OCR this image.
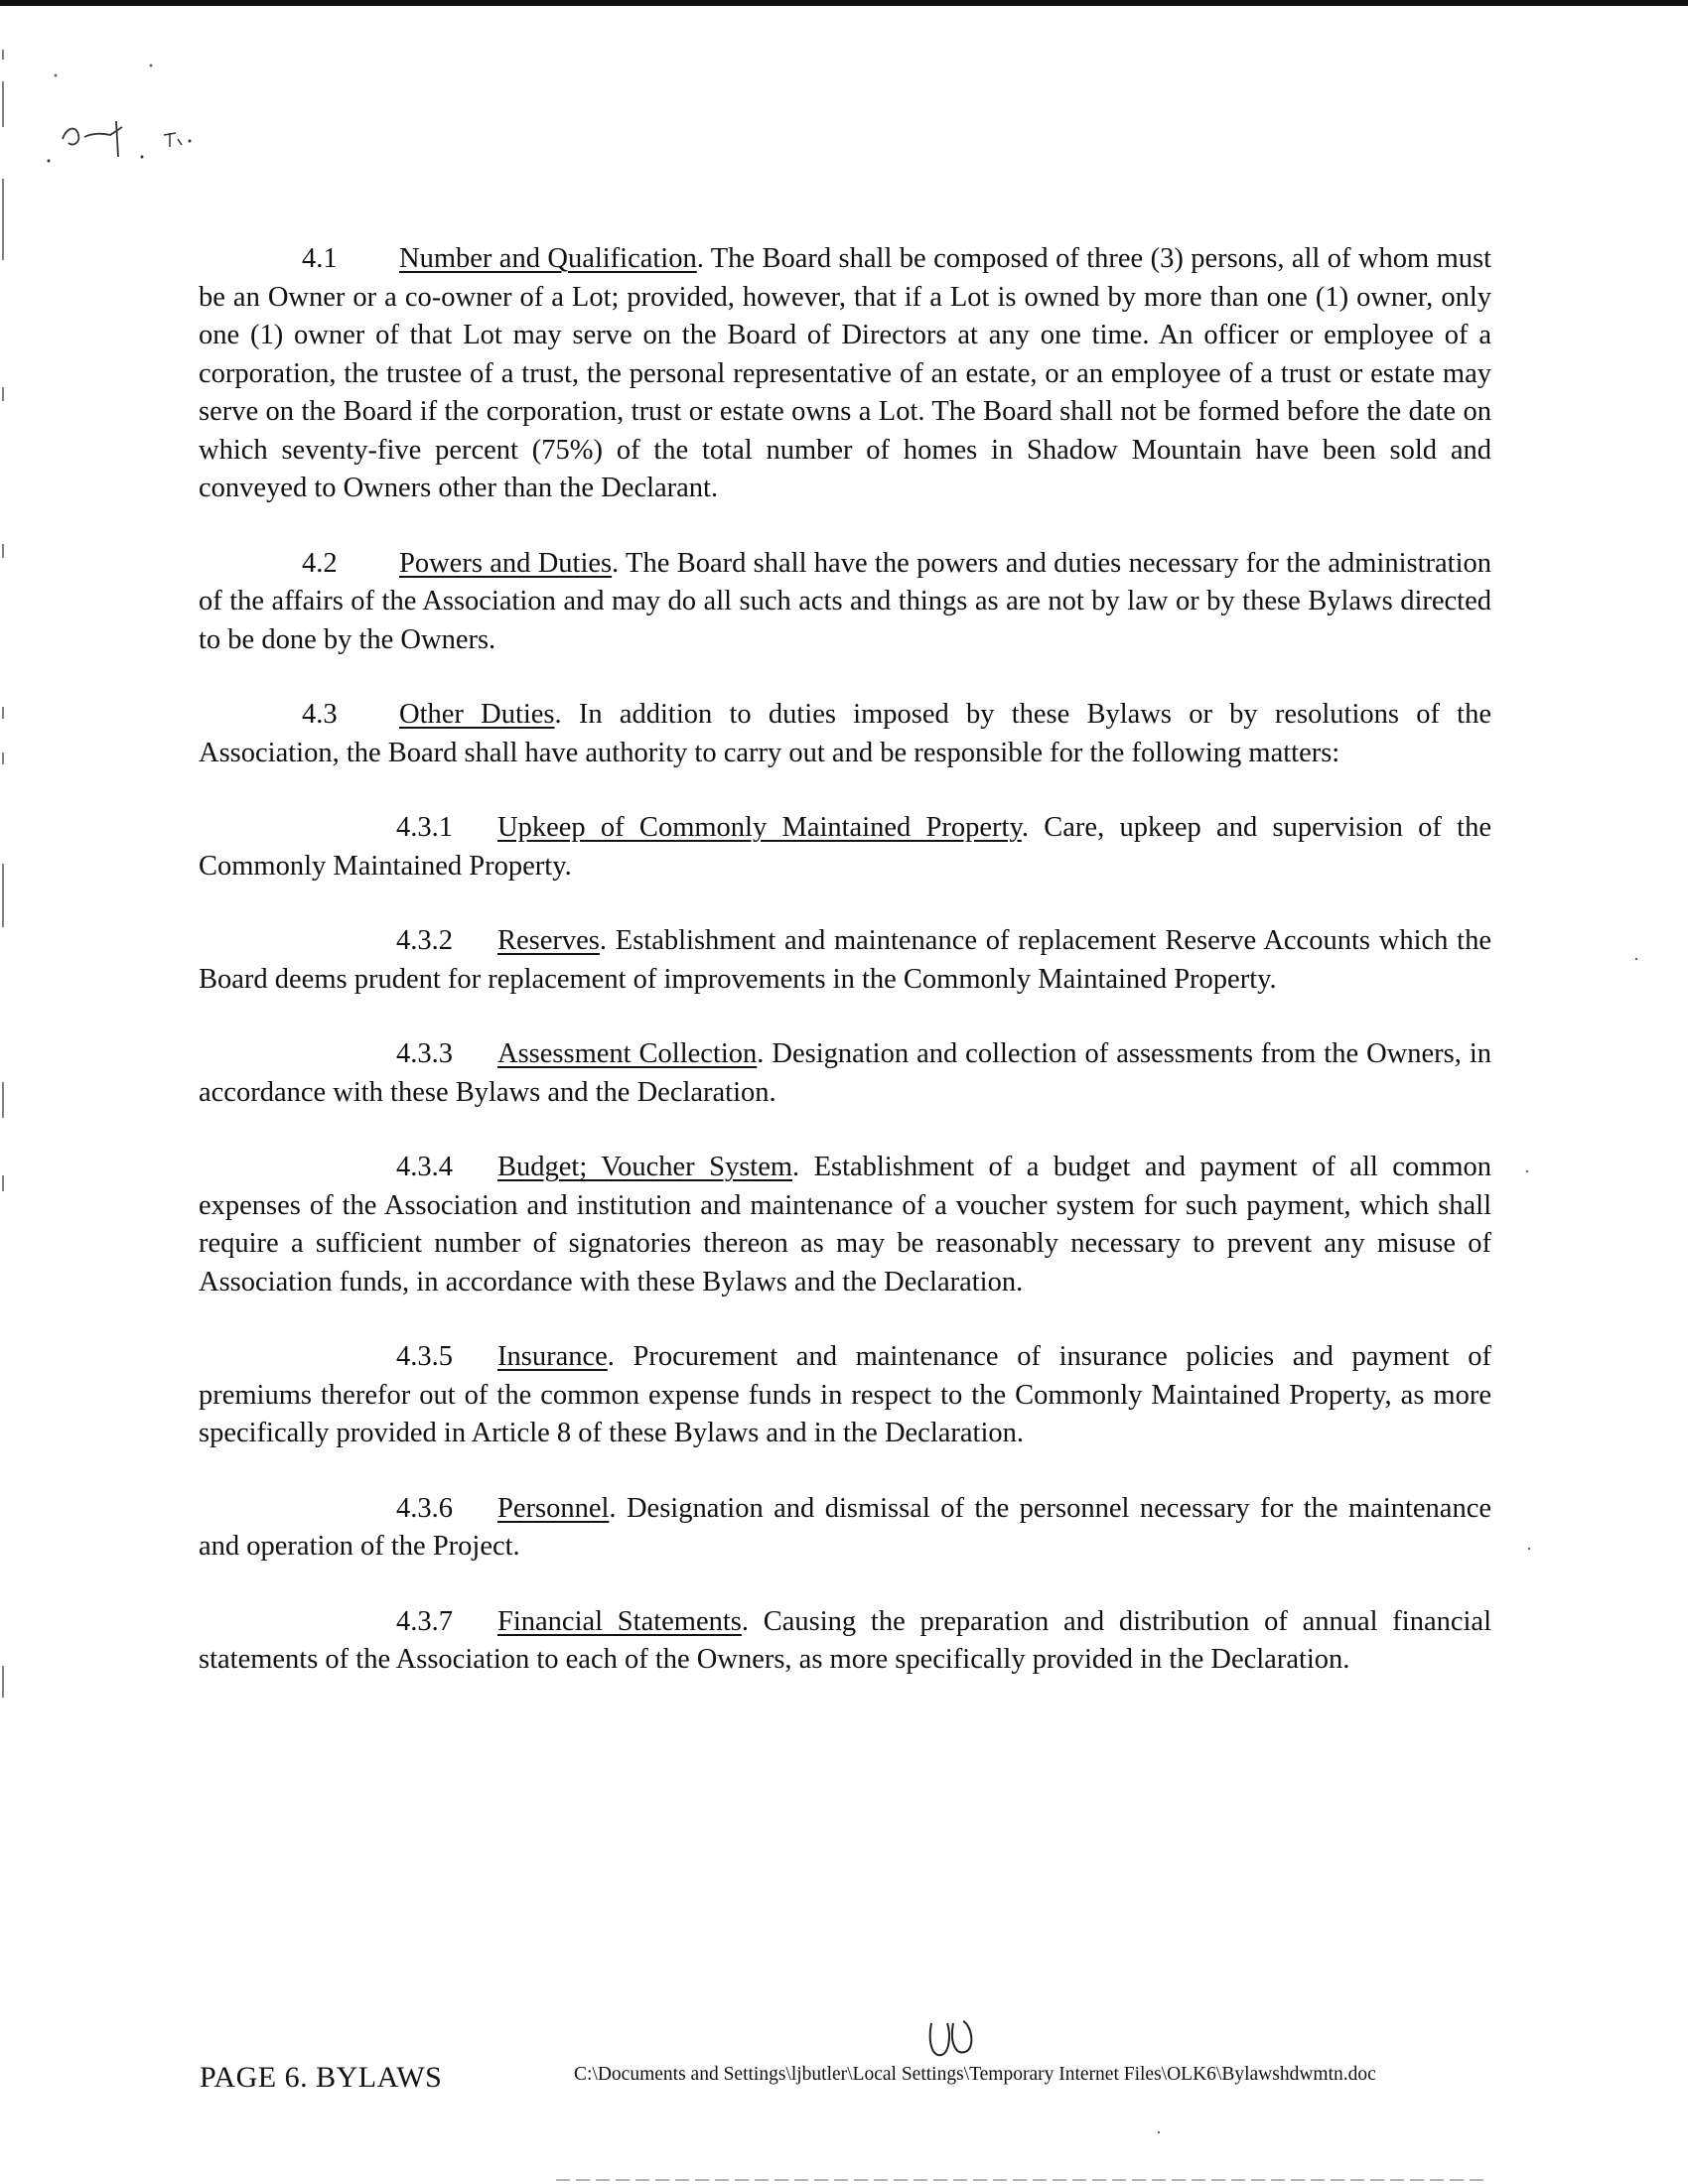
4.1 Number and Qualification. The Board shall be composed of three (3) persons, all of whom must be an Owner or a co-owner of a Lot; provided, however, that if a Lot is owned by more than one (1) owner, only one (1) owner of that Lot may serve on the Board of Directors at any one time. An officer or employee of a corporation, the trustee of a trust, the personal representative of an estate, or an employee of a trust or estate may serve on the Board if the corporation, trust or estate owns a Lot. The Board shall not be formed before the date on which seventy-five percent (75%) of the total number of homes in Shadow Mountain have been sold and conveyed to Owners other than the Declarant.

4.2 Powers and Duties. The Board shall have the powers and duties necessary for the administration of the affairs of the Association and may do all such acts and things as are not by law or by these Bylaws directed to be done by the Owners.

4.3 Other Duties. In addition to duties imposed by these Bylaws or by resolutions of the Association, the Board shall have authority to carry out and be responsible for the following matters:

4.3.1 Upkeep of Commonly Maintained Property. Care, upkeep and supervision of the Commonly Maintained Property.

4.3.2 Reserves. Establishment and maintenance of replacement Reserve Accounts which the Board deems prudent for replacement of improvements in the Commonly Maintained Property.

4.3.3 Assessment Collection. Designation and collection of assessments from the Owners, in accordance with these Bylaws and the Declaration.

4.3.4 Budget; Voucher System. Establishment of a budget and payment of all common expenses of the Association and institution and maintenance of a voucher system for such payment, which shall require a sufficient number of signatories thereon as may be reasonably necessary to prevent any misuse of Association funds, in accordance with these Bylaws and the Declaration.

4.3.5 Insurance. Procurement and maintenance of insurance policies and payment of premiums therefor out of the common expense funds in respect to the Commonly Maintained Property, as more specifically provided in Article 8 of these Bylaws and in the Declaration.

4.3.6 Personnel. Designation and dismissal of the personnel necessary for the maintenance and operation of the Project.

4.3.7 Financial Statements. Causing the preparation and distribution of annual financial statements of the Association to each of the Owners, as more specifically provided in the Declaration.

PAGE 6. BYLAWS	C:\Documents and Settings\ljbutler\Local Settings\Temporary Internet Files\OLK6\Bylawshdwmtn.doc
